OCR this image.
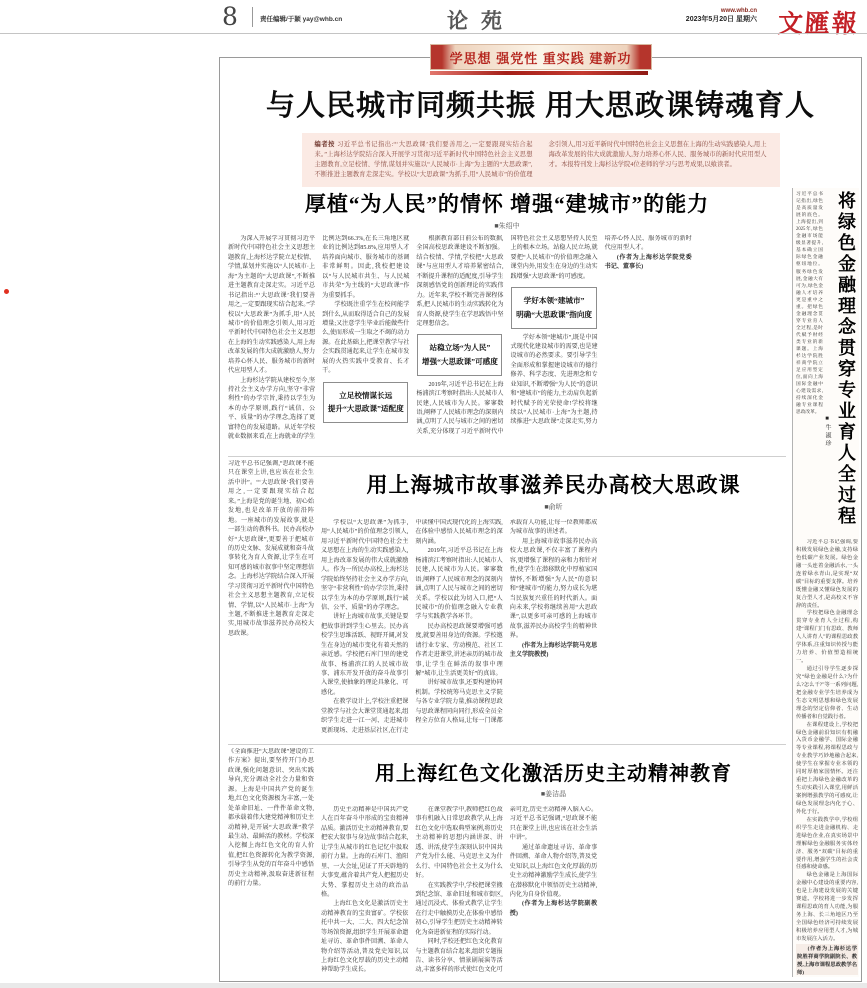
8	责任编辑/于颖 yay@whb.cn	论苑	www.whb.cn
2023年5月20日 星期六 文匯報
学思想 强党性 重实践 建新功
与人民城市同频共振 用大思政课铸魂育人
编者按 习近平总书记指出:“‘大思政课’我们要善用之,一定要跟现实结合起来。”上海杉达学院结合深入开展学习贯彻习近平新时代中国特色社会主义思想主题教育,立足校情、学情,谋划并实施以“人民城市·上海”为主题的“大思政课”,不断推进主题教育走深走实。学校以“大思政课”为抓手,用“人民城市”的价值理念引领人,用习近平新时代中国特色社会主义思想在上海的生动实践感染人,用上海改革发展的伟大成就激励人,努力培养心怀人民、服务城市的新时代应用型人才。本报特刊发上海杉达学院4位老师的学习与思考成果,以飨读者。
厚植“为人民”的情怀 增强“建城市”的能力
■朱绍中

为深入开展学习贯彻习近平新时代中国特色社会主义思想主题教育,上海杉达学院立足校情、学情,谋划并实施以“人民城市·上海”为主题的“大思政课”,不断推进主题教育走深走实。习近平总书记指出:“‘大思政课’我们要善用之,一定要跟现实结合起来。”学校以“大思政课”为抓手,用“人民城市”的价值理念引领人,用习近平新时代中国特色社会主义思想在上海的生动实践感染人,用上海改革发展的伟大成就激励人,努力培养心怀人民、服务城市的新时代应用型人才。

上海杉达学院从建校至今,坚持社会主义办学方向,坚守“非营利性”的办学宗旨,秉持以学生为本的办学原则,践行“诚信、公平、质量”的办学理念,选择了更富特色的发展道路。从近年学校就业数据来看,在上海就业的学生比例达到66.3%,在长三角地区就业的比例达到85.8%,应用型人才培养面向城市、服务城市的基调非常鲜明。因此,我校把建设以“与人民城市共生、与人民城市共荣”为主线的“大思政课”作为重要抓手。

学校既注重学生在校问能学到什么,从而取得适合自己的发展增量;又注意学生毕业后能做些什么,使而形成一生取之不竭的动力源。在此基础上,把课堂教学与社会实践贯通起来,让学生在城市发展的火热实践中受教育、长才干。

立足校情谋长远
提升“大思政课”适配度

根据教育部日前公布的数据,全国高校思政课建设不断加强。结合校情、学情,学校把“大思政课”与应用型人才培养紧密结合,不断提升课程的适配度,引导学生深刻感悟党的创新理论的实践伟力。近年来,学校不断完善课程体系,把人民城市的生动实践转化为育人资源,使学生在学思践悟中坚定理想信念。

站稳立场“为人民”
增强“大思政课”可感度

2019年,习近平总书记在上海杨浦滨江考察时指出:人民城市人民建,人民城市为人民。寥寥数语,阐释了人民城市理念的深刻内涵,点明了人民与城市之间的密切关系,充分体现了习近平新时代中国特色社会主义思想坚持人民至上的根本立场。站稳人民立场,就要把“人民城市”的价值理念融入课堂内外,用发生在身边的生动实践增强“大思政课”的可感度。

学好本领“建城市”
明确“大思政课”指向度

学好本领“建城市”,既是中国式现代化建设城市的需要,也是建设城市的必然要求。要引导学生全面形成和掌握建设城市的德行修养、科学态度、先进理念和专业知识,不断增强“为人民”的意识和“建城市”的能力,主动肩负起新时代赋予的光荣使命!学校将继续以“人民城市·上海”为主题,持续推进“大思政课”走深走实,努力培养心怀人民、服务城市的新时代应用型人才。

(作者为上海杉达学院党委书记、董事长)

习近平总书记强调,“思政课不能只在课堂上讲,也应该在社会生活中讲”。“‘大思政课’我们要善用之,一定要跟现实结合起来。”上海是党的诞生地、初心始发地,也是改革开放的前沿阵地。一座城市的发展故事,就是一部生动的教科书。民办高校办好“大思政课”,更要善于把城市的历史文脉、发展成就和奋斗故事转化为育人资源,让学生在可知可感的城市叙事中坚定理想信念。上海杉达学院结合深入开展学习贯彻习近平新时代中国特色社会主义思想主题教育,立足校情、学情,以“人民城市·上海”为主题,不断推进主题教育走深走实,用城市故事滋养民办高校大思政课。
用上海城市故事滋养民办高校大思政课
■俞昕

学校以“大思政课”为抓手,用“人民城市”的价值理念引领人,用习近平新时代中国特色社会主义思想在上海的生动实践感染人,用上海改革发展的伟大成就激励人。作为一所民办高校,上海杉达学院始终坚持社会主义办学方向,坚守“非营利性”的办学宗旨,秉持以学生为本的办学原则,践行“诚信、公平、质量”的办学理念。

讲好上海城市故事,关键是要把故事讲到学生心里去。民办高校学生思维活跃、视野开阔,对发生在身边的城市变化有着天然的亲近感。学校把石库门里的建党故事、杨浦滨江的人民城市故事、浦东开发开放的奋斗故事引入课堂,使抽象的理论具象化、可感化。

在教学设计上,学校注重把课堂教学与社会大课堂贯通起来,组织学生走进一江一河、走进城市更新现场、走进基层社区,在行走中读懂中国式现代化的上海实践,在体验中感悟人民城市理念的深刻内涵。

2019年,习近平总书记在上海杨浦滨江考察时指出:人民城市人民建,人民城市为人民。寥寥数语,阐释了人民城市理念的深刻内涵,点明了人民与城市之间的密切关系。学校以此为切入口,把“人民城市”的价值理念融入专业教学与实践教学各环节。

民办高校思政课要增强可感度,就要善用身边的资源。学校邀请行业专家、劳动模范、社区工作者走进课堂,讲述亲历的城市故事,让学生在鲜活的叙事中理解“城市,让生活更美好”的真谛。

讲好城市故事,还要构建协同机制。学校统筹马克思主义学院与各专业学院力量,推动课程思政与思政课程同向同行,形成全员全程全方位育人格局,让每一门课都承载育人功能,让每一位教师都成为城市故事的讲述者。

用上海城市故事滋养民办高校大思政课,不仅丰富了课程内容,更增强了课程的亲和力和针对性,使学生在潜移默化中厚植家国情怀,不断增强“为人民”的意识和“建城市”的能力,努力成长为堪当民族复兴重任的时代新人。面向未来,学校将继续善用“大思政课”,以更多可亲可感的上海城市故事,滋养民办高校学生的精神世界。

(作者为上海杉达学院马克思主义学院教授)

《全面推进“大思政课”建设的工作方案》提出,要坚持开门办思政课,强化问题意识、突出实践导向,充分调动全社会力量和资源。上海是中国共产党的诞生地,红色文化资源极为丰富,一处处革命旧址、一件件革命文物,都承载着伟大建党精神和历史主动精神,是开展“大思政课”教学最生动、最鲜活的教材。学校深入挖掘上海红色文化的育人价值,把红色资源转化为教学资源,引导学生从党的百年奋斗中感悟历史主动精神,汲取奋进新征程的前行力量。
用上海红色文化激活历史主动精神教育
■姜洁晶

历史主动精神是中国共产党人在百年奋斗中形成的宝贵精神品质。激活历史主动精神教育,要把宏大叙事与身边故事结合起来,让学生从城市的红色记忆中汲取前行力量。上海的石库门、渔阳里、一大会址,见证了开天辟地的大事变,蕴含着共产党人把握历史大势、掌握历史主动的政治品格。

上海红色文化是激活历史主动精神教育的宝贵富矿。学校依托中共一大、二大、四大纪念馆等场馆资源,组织学生开展革命遗址寻访、革命事件回溯、革命人物介绍等活动,普及党史知识,以上海红色文化厚载的历史主动精神帮助学生成长。

在课堂教学中,教师把红色故事有机融入日常思政教学,从上海红色文化中选取典型案例,将历史主动精神的思想内涵讲深、讲透、讲活,使学生深刻认识中国共产党为什么能、马克思主义为什么行、中国特色社会主义为什么好。

在实践教学中,学校把课堂搬到纪念馆、革命旧址和城市街区,通过沉浸式、体验式教学,让学生在行走中触摸历史,在体验中感悟初心,引导学生把历史主动精神转化为奋进新征程的实际行动。

同时,学校还把红色文化教育与主题教育结合起来,组织专题报告、读书分享、情景剧展演等活动,丰富多样的形式使红色文化可亲可近,历史主动精神入脑入心。习近平总书记强调,“思政课不能只在课堂上讲,也应该在社会生活中讲”。

通过革命遗址寻访、革命事件回溯、革命人物介绍等,普及党史知识,以上海红色文化厚载的历史主动精神激励学生成长,使学生在潜移默化中领悟历史主动精神,内化为自身价值观。

(作者为上海杉达学院副教授)

习近平总书记指出,绿色是高质量发展的底色。上海提出,到2025年,绿色金融市场能级显著提升,基本确立国际绿色金融枢纽地位。服务绿色发展,金融大有可为,绿色金融人才培养更是重中之重。把绿色金融理念贯穿专业育人全过程,是时代赋予财经类专业的新课题。上海杉达学院胜祥商学院立足应用型定位,面向上海国际金融中心建设需求,持续深化金融专业课程思政改革。
■牛淑珍 将绿色金融理念贯穿专业育人全过程

习近平总书记强调,要积极发展绿色金融,支持绿色低碳产业发展。绿色金融一头连着金融活水,一头连着绿水青山,是实现“双碳”目标的重要支撑。培养既懂金融又懂绿色发展的复合型人才,是高校义不容辞的责任。

学校把绿色金融理念贯穿专业育人全过程,构建“课程门门有思政、教师人人讲育人”的课程思政教学体系,注重知识传授与能力培养、价值塑造相统一。

通过引导学生逐步探究“绿色金融是什么?为什么?怎么干?”等一系列问题,把金融专业学生培养成为生态文明思想和绿色发展理念的坚定信仰者、生动传播者和自觉践行者。

在课程建设上,学校把绿色金融前沿知识有机融入货币金融学、国际金融等专业课程,将课程思政与专业教学巧妙地融合起来,使学生在掌握专业本领的同时厚植家国情怀。还注重把上海绿色金融改革的生动实践引入课堂,用鲜活案例增强教学的可感度,让绿色发展理念内化于心、外化于行。

在实践教学中,学校组织学生走进金融机构、走进绿色企业,在真实场景中理解绿色金融服务实体经济、服务“双碳”目标的重要作用,增强学生的社会责任感和使命感。

绿色金融是上海国际金融中心建设的重要内容,也是上海建设发展的关键赛道。学校将进一步发挥课程思政的育人功能,为服务上海、长三角地区乃至全国绿色经济可持续发展积极培养应用型人才,为城市发展注入活力。

(作者为上海杉达学院胜祥商学院副院长、教授,上海市课程思政教学名师)
